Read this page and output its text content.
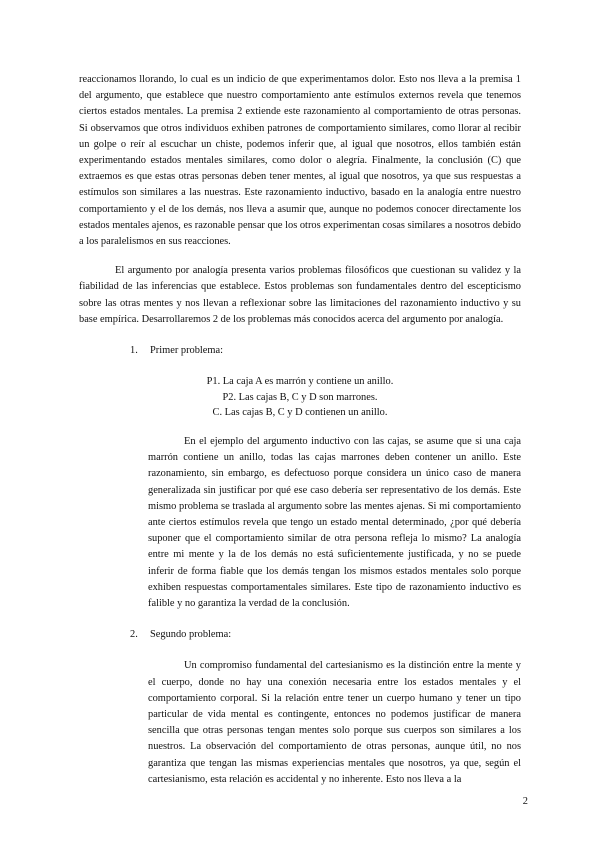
reaccionamos llorando, lo cual es un indicio de que experimentamos dolor. Esto nos lleva a la premisa 1 del argumento, que establece que nuestro comportamiento ante estímulos externos revela que tenemos ciertos estados mentales. La premisa 2 extiende este razonamiento al comportamiento de otras personas. Si observamos que otros individuos exhiben patrones de comportamiento similares, como llorar al recibir un golpe o reír al escuchar un chiste, podemos inferir que, al igual que nosotros, ellos también están experimentando estados mentales similares, como dolor o alegría. Finalmente, la conclusión (C) que extraemos es que estas otras personas deben tener mentes, al igual que nosotros, ya que sus respuestas a estímulos son similares a las nuestras. Este razonamiento inductivo, basado en la analogía entre nuestro comportamiento y el de los demás, nos lleva a asumir que, aunque no podemos conocer directamente los estados mentales ajenos, es razonable pensar que los otros experimentan cosas similares a nosotros debido a los paralelismos en sus reacciones.

El argumento por analogía presenta varios problemas filosóficos que cuestionan su validez y la fiabilidad de las inferencias que establece. Estos problemas son fundamentales dentro del escepticismo sobre las otras mentes y nos llevan a reflexionar sobre las limitaciones del razonamiento inductivo y su base empírica. Desarrollaremos 2 de los problemas más conocidos acerca del argumento por analogía.

1.	Primer problema:
P1. La caja A es marrón y contiene un anillo.
P2. Las cajas B, C y D son marrones.
C. Las cajas B, C y D contienen un anillo.

En el ejemplo del argumento inductivo con las cajas, se asume que si una caja marrón contiene un anillo, todas las cajas marrones deben contener un anillo. Este razonamiento, sin embargo, es defectuoso porque considera un único caso de manera generalizada sin justificar por qué ese caso debería ser representativo de los demás. Este mismo problema se traslada al argumento sobre las mentes ajenas. Si mi comportamiento ante ciertos estímulos revela que tengo un estado mental determinado, ¿por qué debería suponer que el comportamiento similar de otra persona refleja lo mismo? La analogía entre mi mente y la de los demás no está suficientemente justificada, y no se puede inferir de forma fiable que los demás tengan los mismos estados mentales solo porque exhiben respuestas comportamentales similares. Este tipo de razonamiento inductivo es falible y no garantiza la verdad de la conclusión.

2.	Segundo problema:

Un compromiso fundamental del cartesianismo es la distinción entre la mente y el cuerpo, donde no hay una conexión necesaria entre los estados mentales y el comportamiento corporal. Si la relación entre tener un cuerpo humano y tener un tipo particular de vida mental es contingente, entonces no podemos justificar de manera sencilla que otras personas tengan mentes solo porque sus cuerpos son similares a los nuestros. La observación del comportamiento de otras personas, aunque útil, no nos garantiza que tengan las mismas experiencias mentales que nosotros, ya que, según el cartesianismo, esta relación es accidental y no inherente. Esto nos lleva a la

2
